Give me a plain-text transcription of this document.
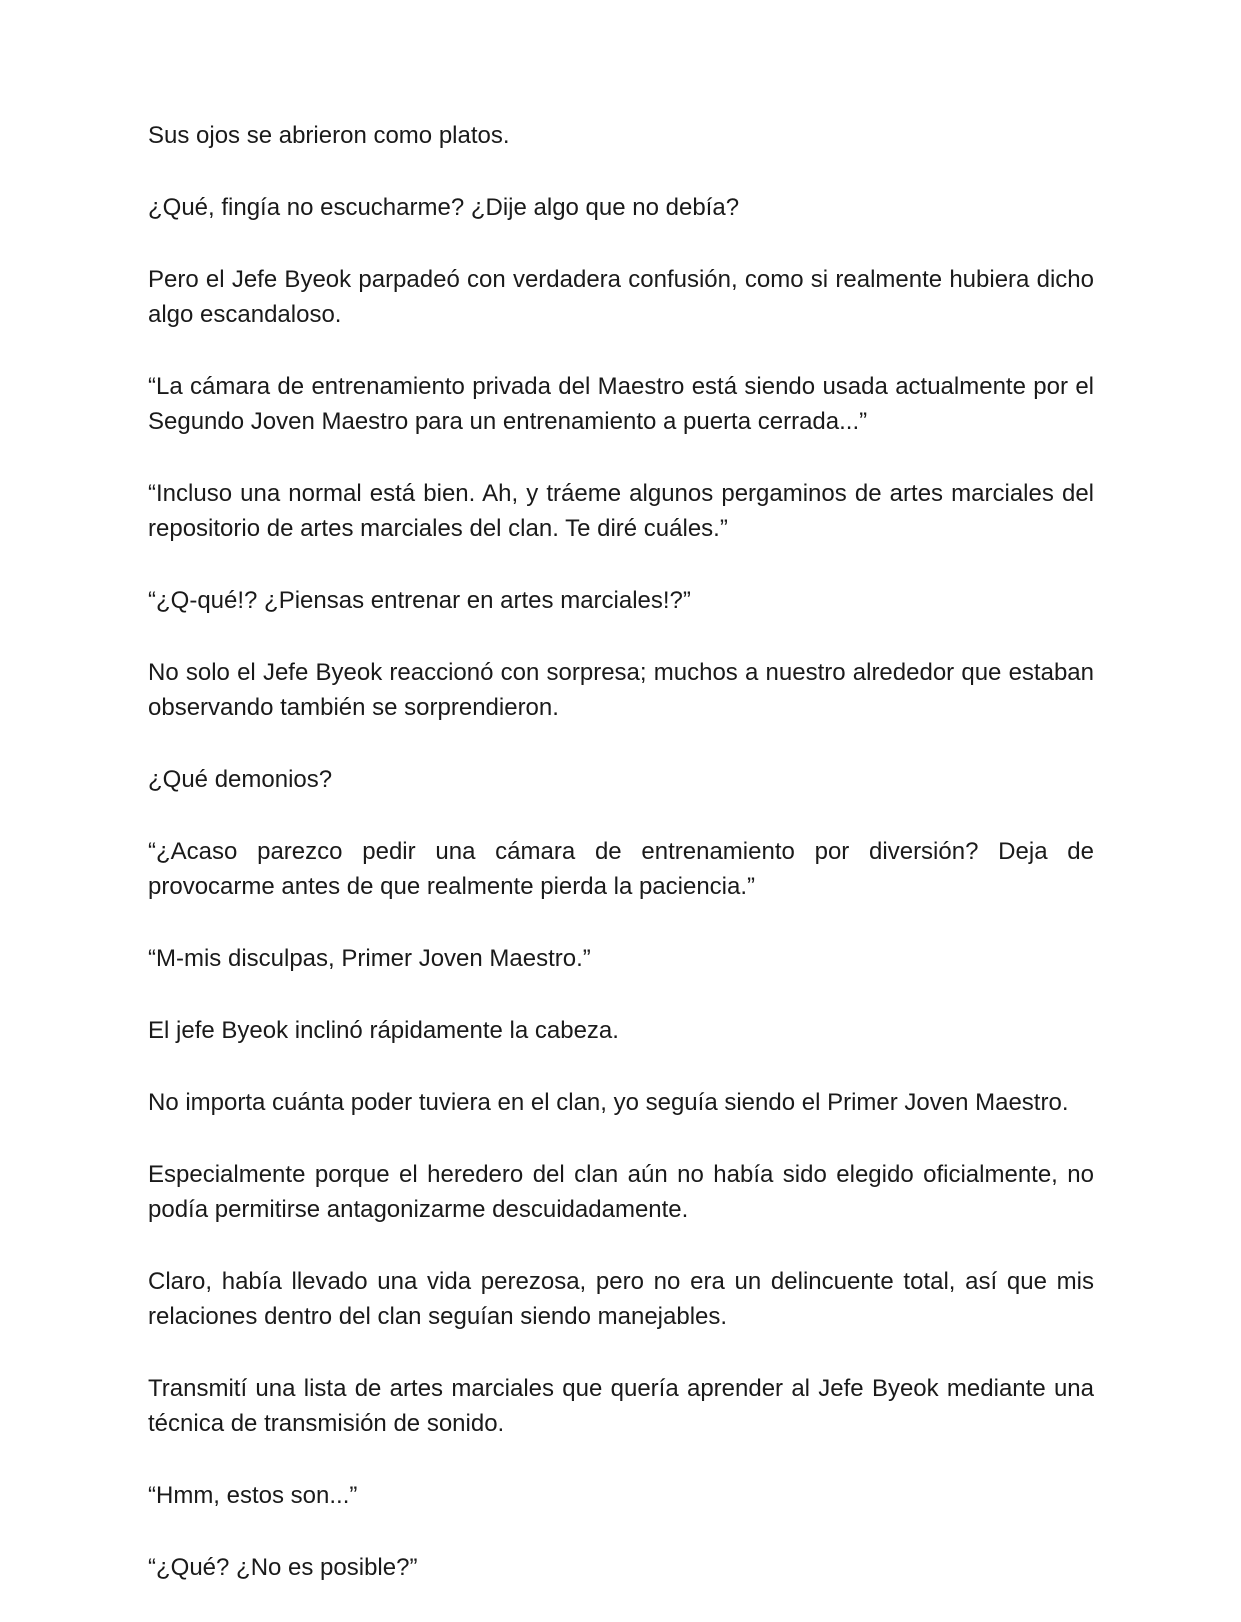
Sus ojos se abrieron como platos.

¿Qué, fingía no escucharme? ¿Dije algo que no debía?

Pero el Jefe Byeok parpadeó con verdadera confusión, como si realmente hubiera dicho algo escandaloso.

“La cámara de entrenamiento privada del Maestro está siendo usada actualmente por el Segundo Joven Maestro para un entrenamiento a puerta cerrada...”

“Incluso una normal está bien. Ah, y tráeme algunos pergaminos de artes marciales del repositorio de artes marciales del clan. Te diré cuáles.”

“¿Q-qué!? ¿Piensas entrenar en artes marciales!?”

No solo el Jefe Byeok reaccionó con sorpresa; muchos a nuestro alrededor que estaban observando también se sorprendieron.

¿Qué demonios?

“¿Acaso parezco pedir una cámara de entrenamiento por diversión? Deja de provocarme antes de que realmente pierda la paciencia.”

“M-mis disculpas, Primer Joven Maestro.”

El jefe Byeok inclinó rápidamente la cabeza.

No importa cuánta poder tuviera en el clan, yo seguía siendo el Primer Joven Maestro.

Especialmente porque el heredero del clan aún no había sido elegido oficialmente, no podía permitirse antagonizarme descuidadamente.

Claro, había llevado una vida perezosa, pero no era un delincuente total, así que mis relaciones dentro del clan seguían siendo manejables.

Transmití una lista de artes marciales que quería aprender al Jefe Byeok mediante una técnica de transmisión de sonido.

“Hmm, estos son...”

“¿Qué? ¿No es posible?”
